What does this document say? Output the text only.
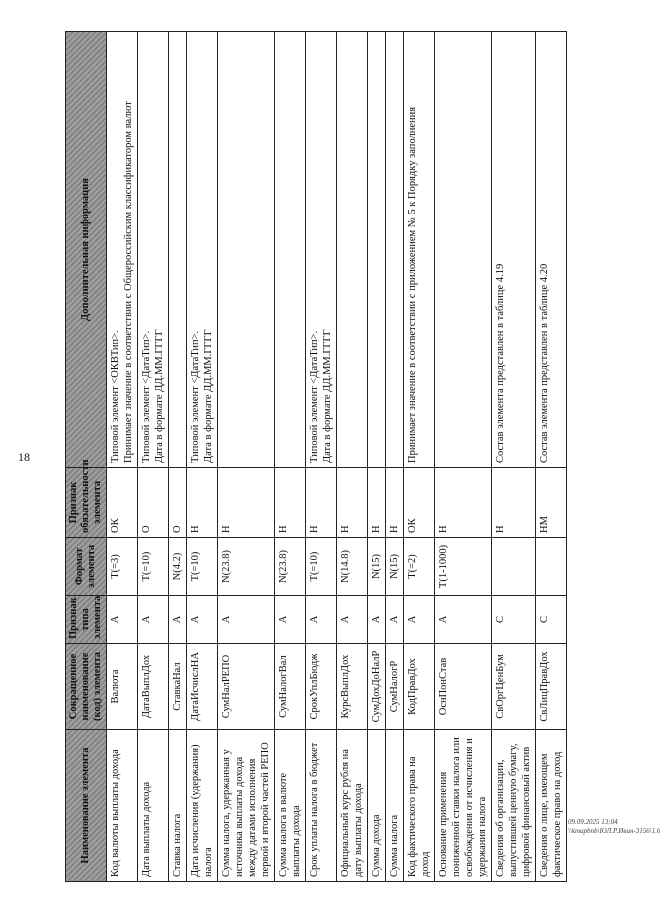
18
Наименование элемента	Сокращенное наименование (код) элемента	Признак типа элемента	Формат элемента	Признак обязательности элемента	Дополнительная информация
Код валюты выплаты дохода	Валюта	А	T(=3)	ОК	Типовой элемент <ОКВТип>. Принимает значение в соответствии с Общероссийским классификатором валют

Дата выплаты дохода	ДатаВыплДох	А	T(=10)	О	Типовой элемент <ДатаТип>. Дата в формате ДД.ММ.ГГГГ

Ставка налога	СтавкаНал	А	N(4.2)	О	
Дата исчисления (удержания) налога	ДатаИсчислНА	А	T(=10)	Н	Типовой элемент <ДатаТип>. Дата в формате ДД.ММ.ГГГГ

Сумма налога, удержанная у источника выплаты дохода между датами исполнения первой и второй частей РЕПО	СумНалРЕПО	А	N(23.8)	Н	
Сумма налога в валюте выплаты дохода	СумНалогВал	А	N(23.8)	Н	
Срок уплаты налога в бюджет	СрокУплБюдж	А	T(=10)	Н	Типовой элемент <ДатаТип>. Дата в формате ДД.ММ.ГГГГ

Официальный курс рубля на дату выплаты дохода	КурсВыплДох	А	N(14.8)	Н	
Сумма дохода	СумДохДоНалР	А	N(15)	Н	
Сумма налога	СумНалогР	А	N(15)	Н	
Код фактического права на доход	КодПравДох	А	T(=2)	ОК	Принимает значение в соответствии с приложением № 5 к Порядку заполнения

Основание применения пониженной ставки налога или освобождения от исчисления и удержания налога	ОснПонСтав	А	T(1-1000)	Н	
Сведения об организации, выпустившей ценную бумагу, цифровой финансовый актив	СвОргЦенБум	С		Н	Состав элемента представлен в таблице 4.19

Сведения о лице, имеющем фактическое право на доход	СвЛицПравДох	С		НМ	Состав элемента представлен в таблице 4.20
09.09.2025 13:04
\\kmapbnb\ЮЛ.Р.Ивин-3156\1.6
